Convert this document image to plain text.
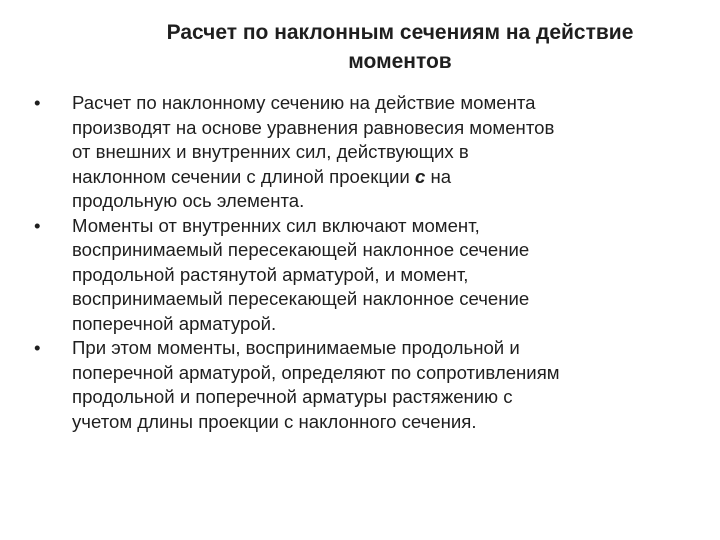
Расчет по наклонным сечениям на действие
моментов
• Расчет по наклонному сечению на действие момента
производят на основе уравнения равновесия моментов
от внешних и внутренних сил, действующих в
наклонном сечении с длиной проекции с на
продольную ось элемента.
• Моменты от внутренних сил включают момент,
воспринимаемый пересекающей наклонное сечение
продольной растянутой арматурой, и момент,
воспринимаемый пересекающей наклонное сечение
поперечной арматурой.
• При этом моменты, воспринимаемые продольной и
поперечной арматурой, определяют по сопротивлениям
продольной и поперечной арматуры растяжению с
учетом длины проекции с наклонного сечения.
